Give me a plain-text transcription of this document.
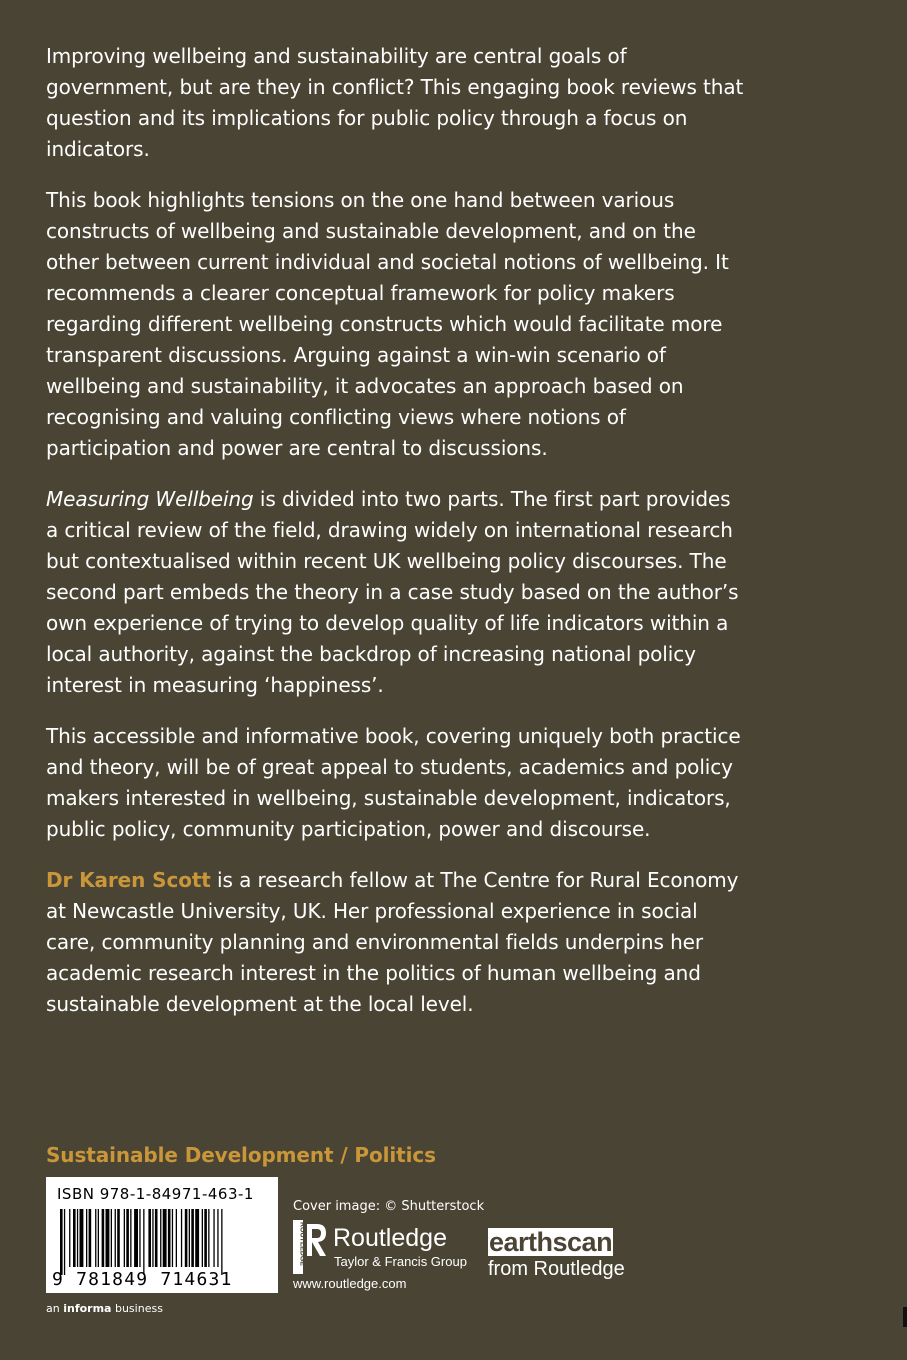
Improving wellbeing and sustainability are central goals of government, but are they in conflict? This engaging book reviews that question and its implications for public policy through a focus on indicators.

This book highlights tensions on the one hand between various constructs of wellbeing and sustainable development, and on the other between current individual and societal notions of wellbeing. It recommends a clearer conceptual framework for policy makers regarding different wellbeing constructs which would facilitate more transparent discussions. Arguing against a win-win scenario of wellbeing and sustainability, it advocates an approach based on recognising and valuing conflicting views where notions of participation and power are central to discussions.

Measuring Wellbeing is divided into two parts. The first part provides a critical review of the field, drawing widely on international research but contextualised within recent UK wellbeing policy discourses. The second part embeds the theory in a case study based on the author’s own experience of trying to develop quality of life indicators within a local authority, against the backdrop of increasing national policy interest in measuring ‘happiness’.

This accessible and informative book, covering uniquely both practice and theory, will be of great appeal to students, academics and policy makers interested in wellbeing, sustainable development, indicators, public policy, community participation, power and discourse.

Dr Karen Scott is a research fellow at The Centre for Rural Economy at Newcastle University, UK. Her professional experience in social care, community planning and environmental fields underpins her academic research interest in the politics of human wellbeing and sustainable development at the local level.

Sustainable Development / Politics
ISBN 978-1-84971-463-1
9 781849 714631
an informa business
Cover image: © Shutterstock
ROUTLEDGE Routledge
Taylor & Francis Group
www.routledge.com
earthscan
from Routledge
